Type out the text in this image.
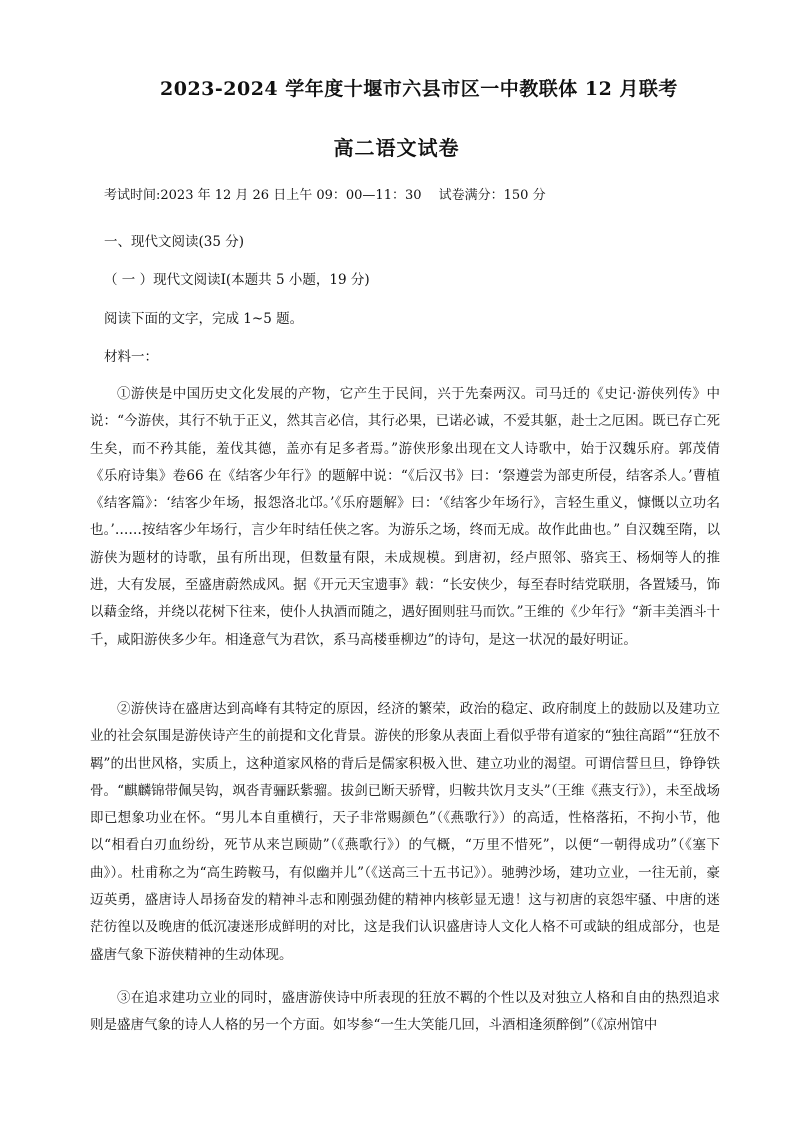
2023-2024 学年度十堰市六县市区一中教联体 12 月联考
高二语文试卷
考试时间:2023 年 12 月 26 日上午 09：00—11：30　 试卷满分：150 分
一、现代文阅读(35 分)
（ 一 ）现代文阅读Ⅰ(本题共 5 小题，19 分)
阅读下面的文字，完成 1~5 题。
材料一：
①游侠是中国历史文化发展的产物，它产生于民间，兴于先秦两汉。司马迁的《史记·游侠列传》中说：“今游侠，其行不轨于正义，然其言必信，其行必果，已诺必诚，不爱其躯，赴士之厄困。既已存亡死生矣，而不矜其能，羞伐其德，盖亦有足多者焉。”游侠形象出现在文人诗歌中，始于汉魏乐府。郭茂倩《乐府诗集》卷66 在《结客少年行》的题解中说：“《后汉书》曰：‘祭遵尝为部吏所侵，结客杀人。’曹植《结客篇》：‘结客少年场，报怨洛北邙。’《乐府题解》曰：‘《结客少年场行》，言轻生重义，慷慨以立功名也。’……按结客少年场行，言少年时结任侠之客。为游乐之场，终而无成。故作此曲也。” 自汉魏至隋，以游侠为题材的诗歌，虽有所出现，但数量有限，未成规模。到唐初，经卢照邻、骆宾王、杨炯等人的推进，大有发展，至盛唐蔚然成风。据《开元天宝遗事》载：“长安侠少，每至春时结党联朋，各置矮马，饰以藉金络，并绕以花树下往来，使仆人执酒而随之，遇好囿则驻马而饮。”王维的《少年行》“新丰美酒斗十千，咸阳游侠多少年。相逢意气为君饮，系马高楼垂柳边”的诗句，是这一状况的最好明证。
②游侠诗在盛唐达到高峰有其特定的原因，经济的繁荣，政治的稳定、政府制度上的鼓励以及建功立业的社会氛围是游侠诗产生的前提和文化背景。游侠的形象从表面上看似乎带有道家的“独往高蹈”“狂放不羁”的出世风格，实质上，这种道家风格的背后是儒家积极入世、建立功业的渴望。可谓信誓旦旦，铮铮铁骨。“麒麟锦带佩吴钩，飒沓青骊跃紫骝。拔剑已断天骄臂，归鞍共饮月支头”（王维《燕支行》），未至战场即已想象功业在怀。“男儿本自重横行，天子非常赐颜色”（《燕歌行》）的高适，性格落拓，不拘小节，他以“相看白刃血纷纷，死节从来岂顾勋”（《燕歌行》）的气概，“万里不惜死”，以便“一朝得成功”（《塞下曲》）。杜甫称之为“高生跨鞍马，有似幽并儿”（《送高三十五书记》）。驰骋沙场，建功立业，一往无前，豪迈英勇，盛唐诗人昂扬奋发的精神斗志和刚强劲健的精神内核彰显无遗！这与初唐的哀怨牢骚、中唐的迷茫彷徨以及晚唐的低沉凄迷形成鲜明的对比，这是我们认识盛唐诗人文化人格不可或缺的组成部分，也是盛唐气象下游侠精神的生动体现。
③在追求建功立业的同时，盛唐游侠诗中所表现的狂放不羁的个性以及对独立人格和自由的热烈追求则是盛唐气象的诗人人格的另一个方面。如岑参“一生大笑能几回，斗酒相逢须醉倒”（《凉州馆中
